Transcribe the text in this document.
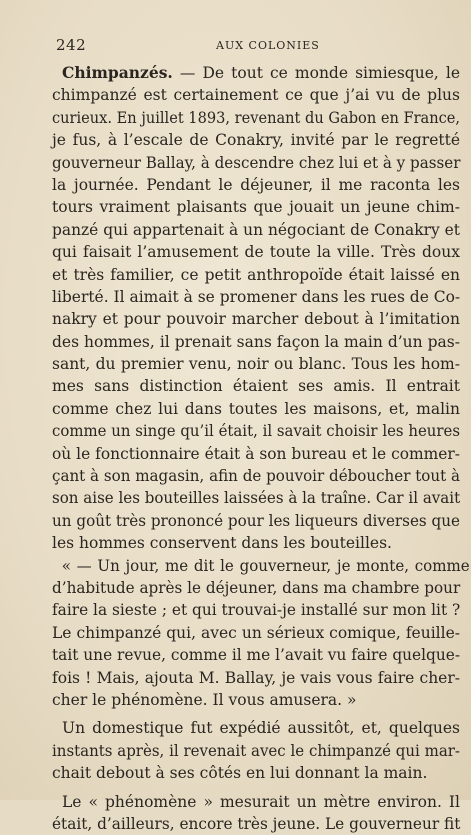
242	AUX COLONIES
Chimpanzés. — De tout ce monde simiesque, le
chimpanzé est certainement ce que j’ai vu de plus
curieux. En juillet 1893, revenant du Gabon en France,
je fus, à l’escale de Conakry, invité par le regretté
gouverneur Ballay, à descendre chez lui et à y passer
la journée. Pendant le déjeuner, il me raconta les
tours vraiment plaisants que jouait un jeune chim-
panzé qui appartenait à un négociant de Conakry et
qui faisait l’amusement de toute la ville. Très doux
et très familier, ce petit anthropoïde était laissé en
liberté. Il aimait à se promener dans les rues de Co-
nakry et pour pouvoir marcher debout à l’imitation
des hommes, il prenait sans façon la main d’un pas-
sant, du premier venu, noir ou blanc. Tous les hom-
mes sans distinction étaient ses amis. Il entrait
comme chez lui dans toutes les maisons, et, malin
comme un singe qu’il était, il savait choisir les heures
où le fonctionnaire était à son bureau et le commer-
çant à son magasin, afin de pouvoir déboucher tout à
son aise les bouteilles laissées à la traîne. Car il avait
un goût très prononcé pour les liqueurs diverses que
les hommes conservent dans les bouteilles.
« — Un jour, me dit le gouverneur, je monte, comme
d’habitude après le déjeuner, dans ma chambre pour
faire la sieste ; et qui trouvai-je installé sur mon lit ?
Le chimpanzé qui, avec un sérieux comique, feuille-
tait une revue, comme il me l’avait vu faire quelque-
fois ! Mais, ajouta M. Ballay, je vais vous faire cher-
cher le phénomène. Il vous amusera. »
Un domestique fut expédié aussitôt, et, quelques
instants après, il revenait avec le chimpanzé qui mar-
chait debout à ses côtés en lui donnant la main.
Le « phénomène » mesurait un mètre environ. Il
était, d’ailleurs, encore très jeune. Le gouverneur fit
